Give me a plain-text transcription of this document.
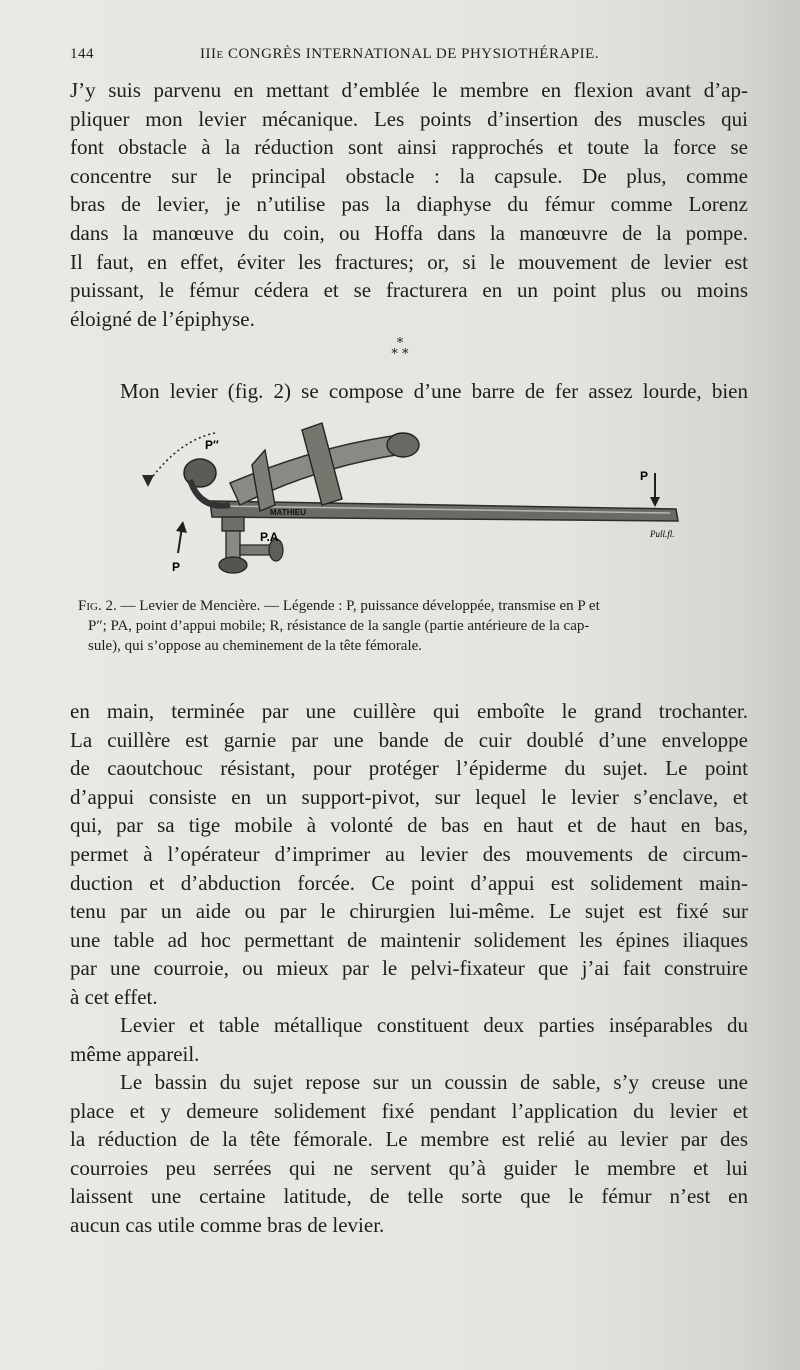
144	IIIe CONGRÈS INTERNATIONAL DE PHYSIOTHÉRAPIE.
J’y suis parvenu en mettant d’emblée le membre en flexion avant d’ap-
pliquer mon levier mécanique. Les points d’insertion des muscles qui
font obstacle à la réduction sont ainsi rapprochés et toute la force se
concentre sur le principal obstacle : la capsule. De plus, comme
bras de levier, je n’utilise pas la diaphyse du fémur comme Lorenz
dans la manœuve du coin, ou Hoffa dans la manœuvre de la pompe.
Il faut, en effet, éviter les fractures; or, si le mouvement de levier est
puissant, le fémur cédera et se fracturera en un point plus ou moins
éloigné de l’épiphyse.
*
* *
Mon levier (fig. 2) se compose d’une barre de fer assez lourde, bien
P″
MATHIEU
P.A
P
P
Pull.fl.
Fig. 2. — Levier de Mencière. — Légende : P, puissance développée, transmise en P et
P″; PA, point d’appui mobile; R, résistance de la sangle (partie antérieure de la cap-
sule), qui s’oppose au cheminement de la tête fémorale.
en main, terminée par une cuillère qui emboîte le grand trochanter.
La cuillère est garnie par une bande de cuir doublé d’une enveloppe
de caoutchouc résistant, pour protéger l’épiderme du sujet. Le point
d’appui consiste en un support-pivot, sur lequel le levier s’enclave, et
qui, par sa tige mobile à volonté de bas en haut et de haut en bas,
permet à l’opérateur d’imprimer au levier des mouvements de circum-
duction et d’abduction forcée. Ce point d’appui est solidement main-
tenu par un aide ou par le chirurgien lui-même. Le sujet est fixé sur
une table ad hoc permettant de maintenir solidement les épines iliaques
par une courroie, ou mieux par le pelvi-fixateur que j’ai fait construire
à cet effet.
Levier et table métallique constituent deux parties inséparables du
même appareil.
Le bassin du sujet repose sur un coussin de sable, s’y creuse une
place et y demeure solidement fixé pendant l’application du levier et
la réduction de la tête fémorale. Le membre est relié au levier par des
courroies peu serrées qui ne servent qu’à guider le membre et lui
laissent une certaine latitude, de telle sorte que le fémur n’est en
aucun cas utile comme bras de levier.
